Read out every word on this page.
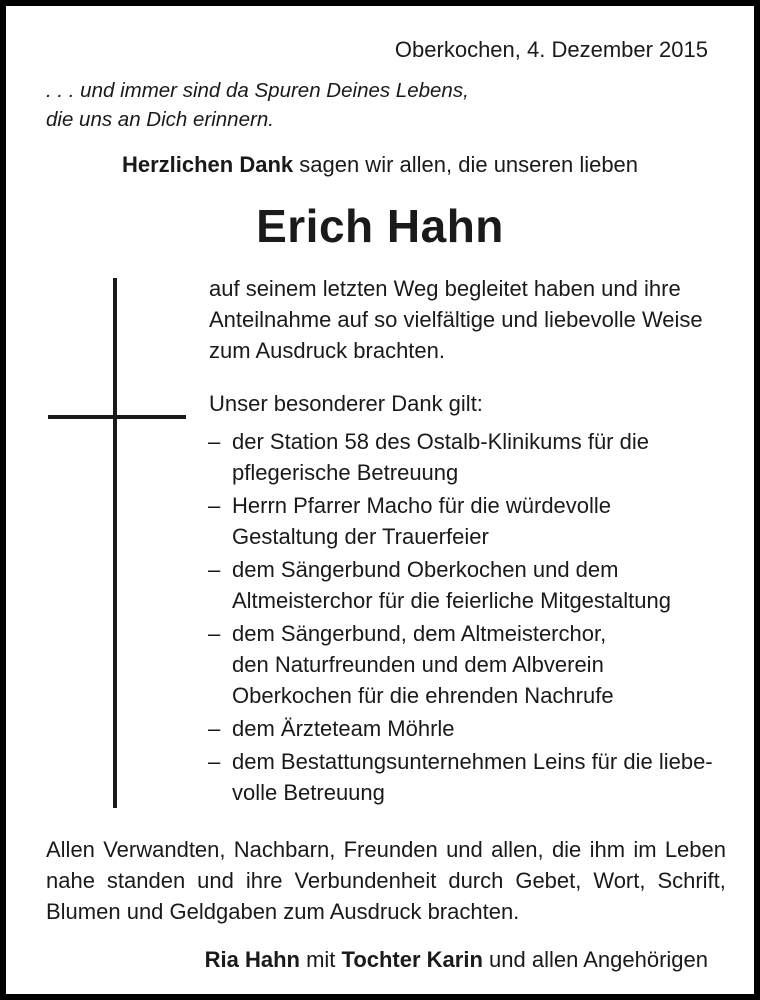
Oberkochen, 4. Dezember 2015
. . . und immer sind da Spuren Deines Lebens,
die uns an Dich erinnern.
Herzlichen Dank sagen wir allen, die unseren lieben
Erich Hahn
auf seinem letzten Weg begleitet haben und ihre
Anteilnahme auf so vielfältige und liebevolle Weise
zum Ausdruck brachten.
Unser besonderer Dank gilt:
– der Station 58 des Ostalb-Klinikums für die
pflegerische Betreuung
– Herrn Pfarrer Macho für die würdevolle
Gestaltung der Trauerfeier
– dem Sängerbund Oberkochen und dem
Altmeisterchor für die feierliche Mitgestaltung
– dem Sängerbund, dem Altmeisterchor,
den Naturfreunden und dem Albverein
Oberkochen für die ehrenden Nachrufe
– dem Ärzteteam Möhrle
– dem Bestattungsunternehmen Leins für die liebe-
volle Betreuung
Allen Verwandten, Nachbarn, Freunden und allen, die ihm im Leben
nahe standen und ihre Verbundenheit durch Gebet, Wort, Schrift,
Blumen und Geldgaben zum Ausdruck brachten.
Ria Hahn mit Tochter Karin und allen Angehörigen
